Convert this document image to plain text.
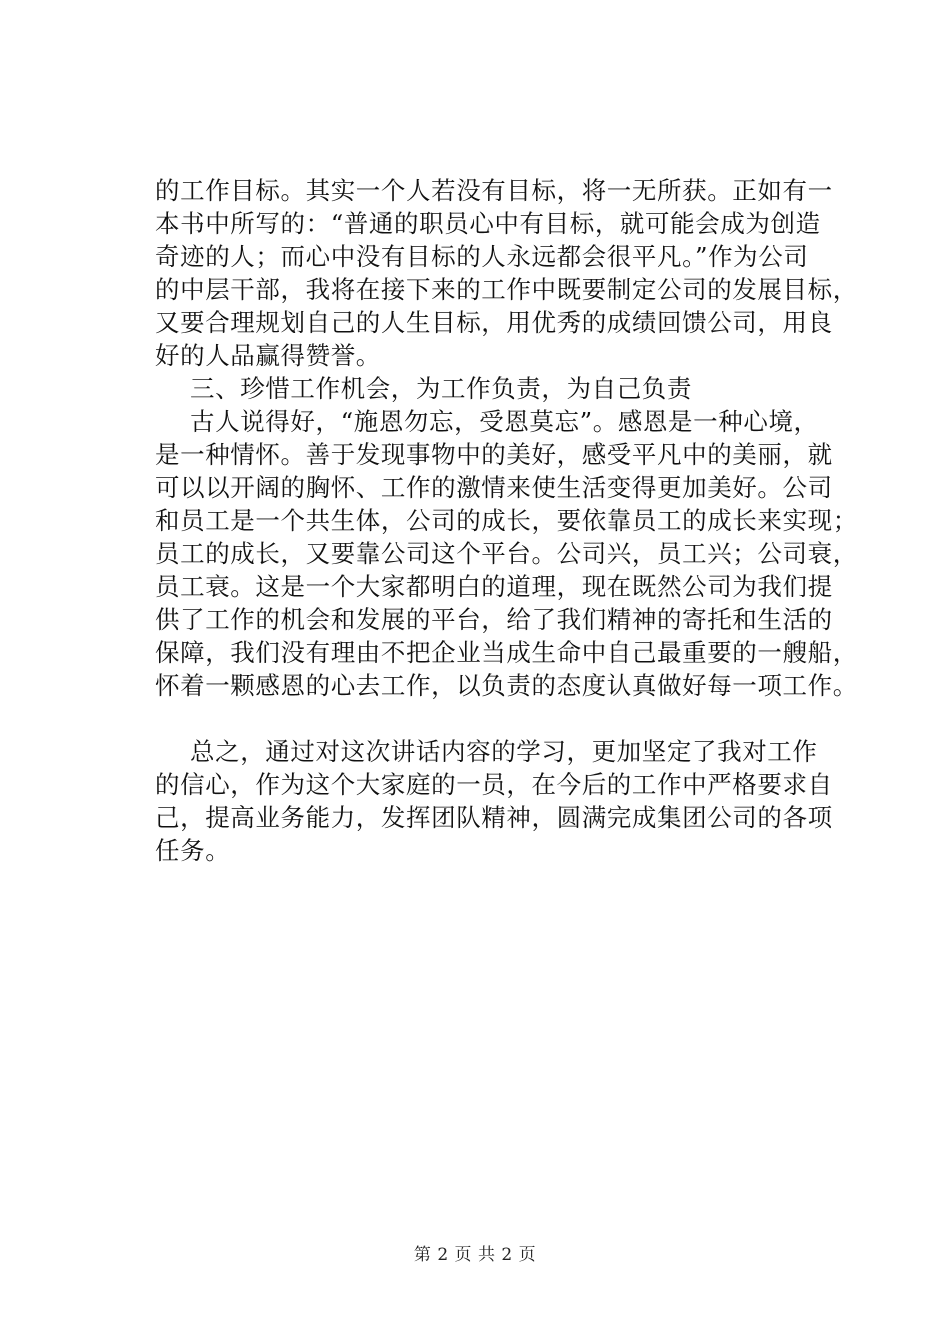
的工作目标。其实一个人若没有目标，将一无所获。正如有一
本书中所写的：“普通的职员心中有目标，就可能会成为创造
奇迹的人；而心中没有目标的人永远都会很平凡。”作为公司
的中层干部，我将在接下来的工作中既要制定公司的发展目标，
又要合理规划自己的人生目标，用优秀的成绩回馈公司，用良
好的人品赢得赞誉。
三、珍惜工作机会，为工作负责，为自己负责
古人说得好，“施恩勿忘，受恩莫忘”。感恩是一种心境，
是一种情怀。善于发现事物中的美好，感受平凡中的美丽，就
可以以开阔的胸怀、工作的激情来使生活变得更加美好。公司
和员工是一个共生体，公司的成长，要依靠员工的成长来实现；
员工的成长，又要靠公司这个平台。公司兴，员工兴；公司衰，
员工衰。这是一个大家都明白的道理，现在既然公司为我们提
供了工作的机会和发展的平台，给了我们精神的寄托和生活的
保障，我们没有理由不把企业当成生命中自己最重要的一艘船，
怀着一颗感恩的心去工作，以负责的态度认真做好每一项工作。
总之，通过对这次讲话内容的学习，更加坚定了我对工作
的信心，作为这个大家庭的一员，在今后的工作中严格要求自
己，提高业务能力，发挥团队精神，圆满完成集团公司的各项
任务。
第 2 页 共 2 页
